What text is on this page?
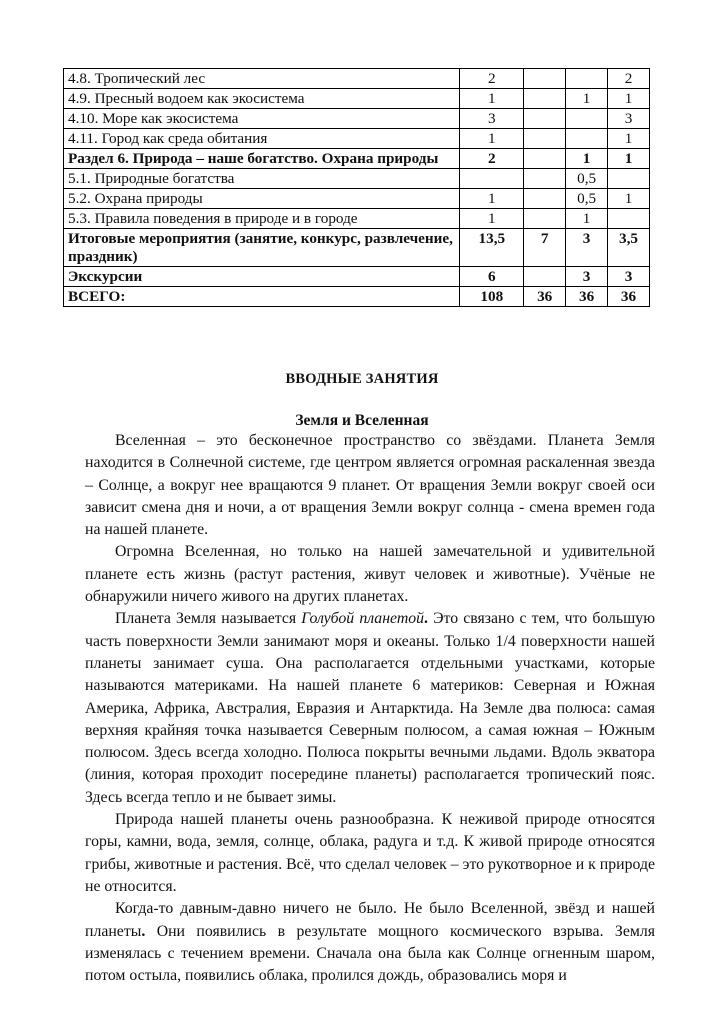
4.8. Тропический лес	2			2
4.9. Пресный водоем как экосистема	1		1	1
4.10. Море как экосистема	3			3
4.11. Город как среда обитания	1			1
Раздел 6. Природа – наше богатство. Охрана природы	2		1	1
5.1. Природные богатства			0,5	
5.2. Охрана природы	1		0,5	1
5.3. Правила поведения в природе и в городе	1		1	
Итоговые мероприятия (занятие, конкурс, развлечение, праздник)	13,5	7	3	3,5
Экскурсии	6		3	3
ВСЕГО:	108	36	36	36
ВВОДНЫЕ ЗАНЯТИЯ
Земля и Вселенная

Вселенная – это бесконечное пространство со звёздами. Планета Земля находится в Солнечной системе, где центром является огромная раскаленная звезда – Солнце, а вокруг нее вращаются 9 планет. От вращения Земли вокруг своей оси зависит смена дня и ночи, а от вращения Земли вокруг солнца - смена времен года на нашей планете.

Огромна Вселенная, но только на нашей замечательной и удивительной планете есть жизнь (растут растения, живут человек и животные). Учёные не обнаружили ничего живого на других планетах.

Планета Земля называется Голубой планетой. Это связано с тем, что большую часть поверхности Земли занимают моря и океаны. Только 1/4 поверхности нашей планеты занимает суша. Она располагается отдельными участками, которые называются материками. На нашей планете 6 материков: Северная и Южная Америка, Африка, Австралия, Евразия и Антарктида. На Земле два полюса: самая верхняя крайняя точка называется Северным полюсом, а самая южная – Южным полюсом. Здесь всегда холодно. Полюса покрыты вечными льдами. Вдоль экватора (линия, которая проходит посередине планеты) располагается тропический пояс. Здесь всегда тепло и не бывает зимы.

Природа нашей планеты очень разнообразна. К неживой природе относятся горы, камни, вода, земля, солнце, облака, радуга и т.д. К живой природе относятся грибы, животные и растения. Всё, что сделал человек – это рукотворное и к природе не относится.

Когда-то давным-давно ничего не было. Не было Вселенной, звёзд и нашей планеты. Они появились в результате мощного космического взрыва. Земля изменялась с течением времени. Сначала она была как Солнце огненным шаром, потом остыла, появились облака, пролился дождь, образовались моря и
